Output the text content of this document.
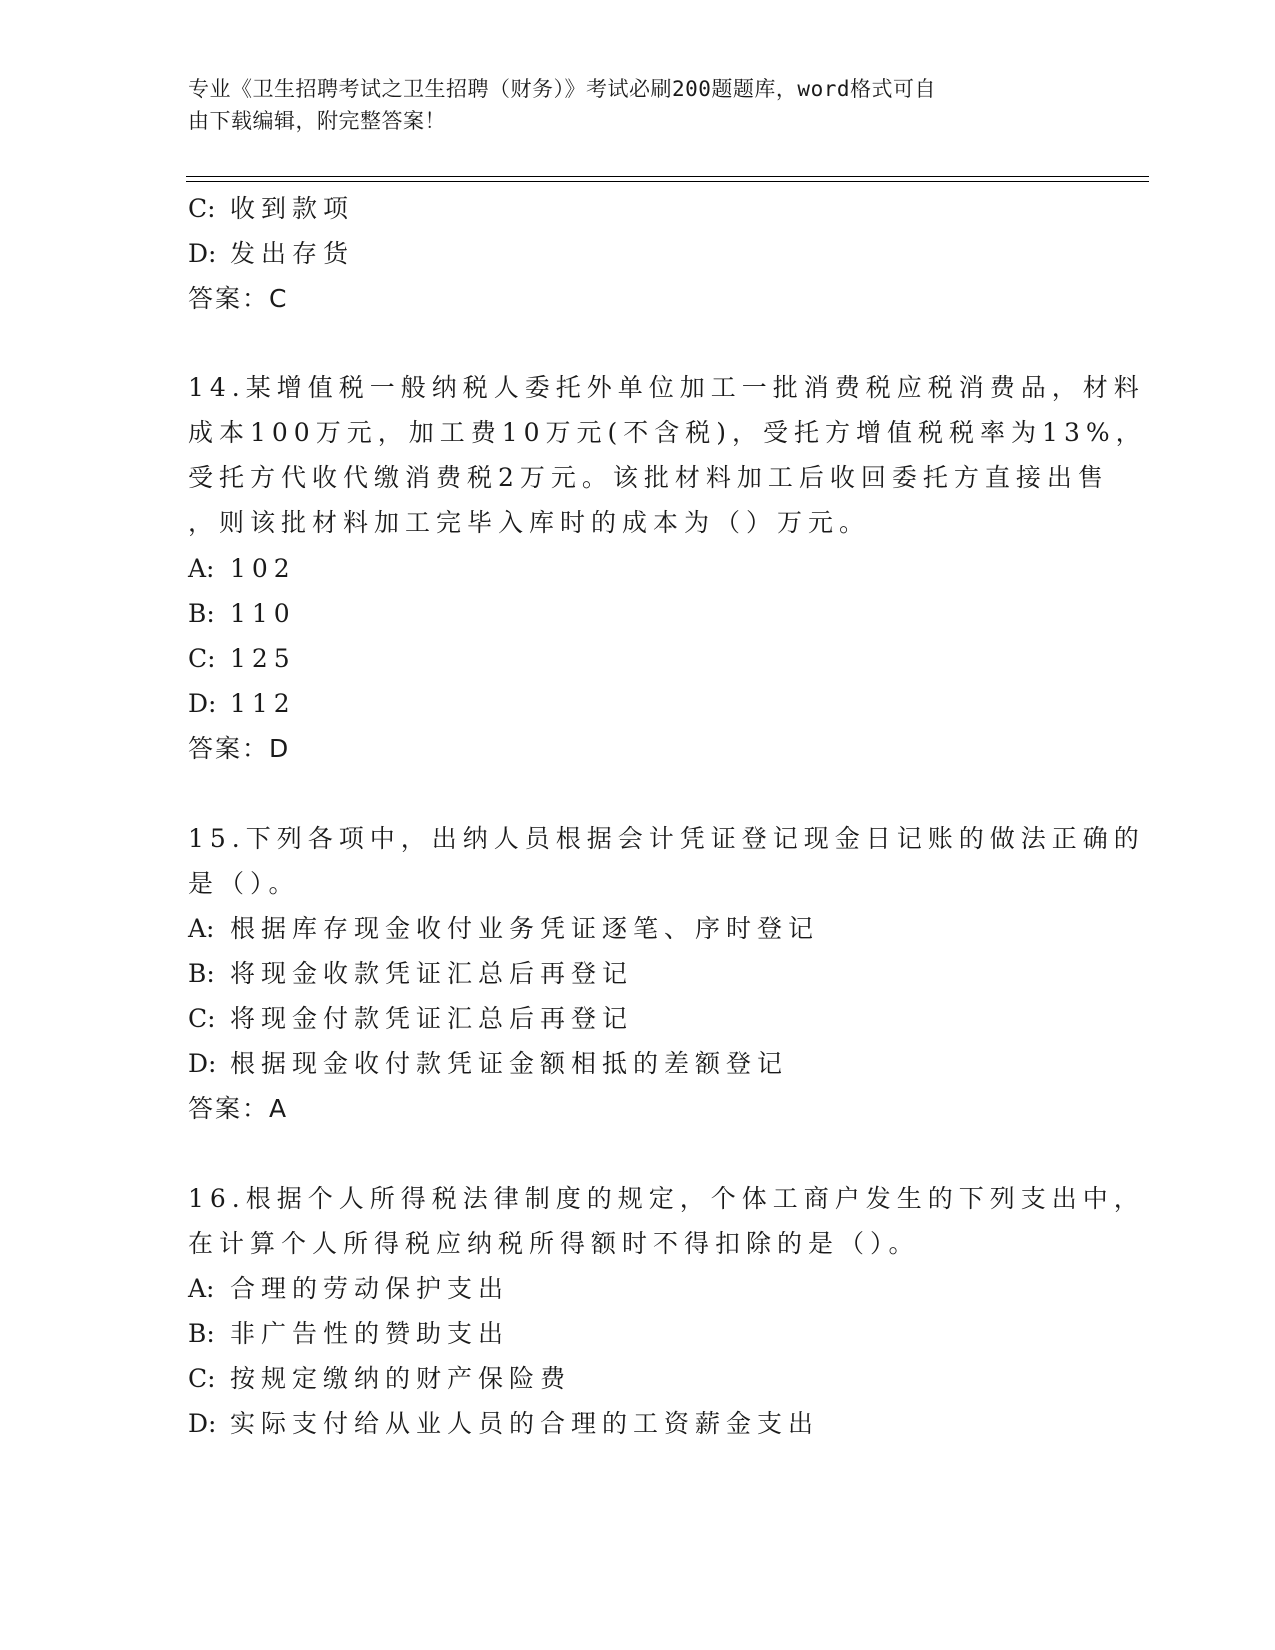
专业《卫生招聘考试之卫生招聘（财务）》考试必刷200题题库，word格式可自
由下载编辑，附完整答案！
C: 收到款项
D: 发出存货
答案：C
14.某增值税一般纳税人委托外单位加工一批消费税应税消费品，材料
成本100万元，加工费10万元(不含税)，受托方增值税税率为13%，
受托方代收代缴消费税2万元。该批材料加工后收回委托方直接出售
，则该批材料加工完毕入库时的成本为（）万元。
A: 102
B: 110
C: 125
D: 112
答案：D
15.下列各项中，出纳人员根据会计凭证登记现金日记账的做法正确的
是（）。
A: 根据库存现金收付业务凭证逐笔、序时登记
B: 将现金收款凭证汇总后再登记
C: 将现金付款凭证汇总后再登记
D: 根据现金收付款凭证金额相抵的差额登记
答案：A
16.根据个人所得税法律制度的规定，个体工商户发生的下列支出中，
在计算个人所得税应纳税所得额时不得扣除的是（）。
A: 合理的劳动保护支出
B: 非广告性的赞助支出
C: 按规定缴纳的财产保险费
D: 实际支付给从业人员的合理的工资薪金支出
